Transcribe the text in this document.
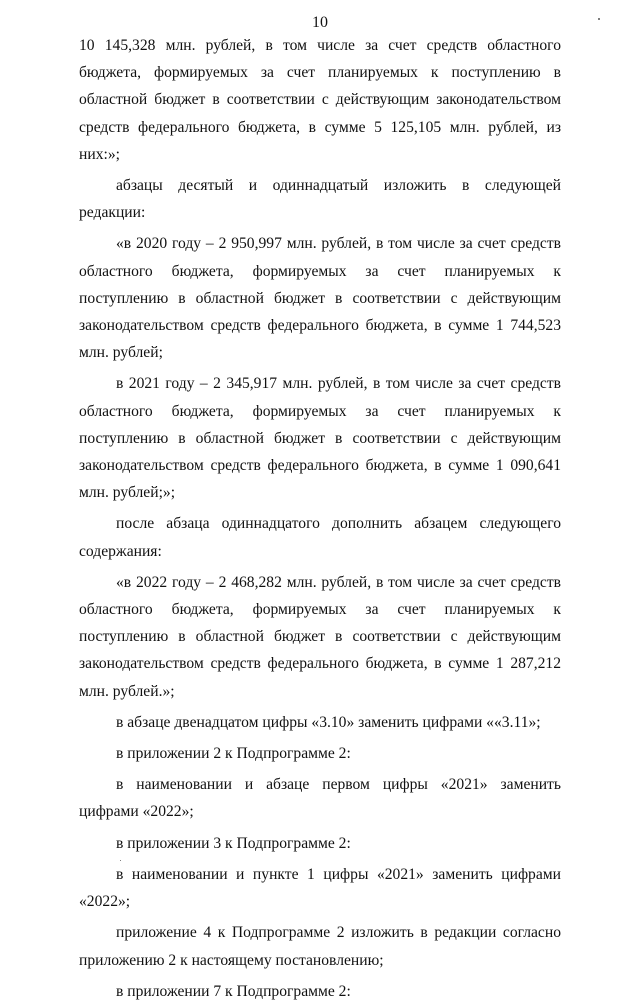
10

10 145,328 млн. рублей, в том числе за счет средств областного бюджета, формируемых за счет планируемых к поступлению в областной бюджет в соответствии с действующим законодательством средств федерального бюджета, в сумме 5 125,105 млн. рублей, из них:»;

абзацы десятый и одиннадцатый изложить в следующей редакции:

«в 2020 году – 2 950,997 млн. рублей, в том числе за счет средств областного бюджета, формируемых за счет планируемых к поступлению в областной бюджет в соответствии с действующим законодательством средств федерального бюджета, в сумме 1 744,523 млн. рублей;

в 2021 году – 2 345,917 млн. рублей, в том числе за счет средств областного бюджета, формируемых за счет планируемых к поступлению в областной бюджет в соответствии с действующим законодательством средств федерального бюджета, в сумме 1 090,641 млн. рублей;»;

после абзаца одиннадцатого дополнить абзацем следующего содержания:

«в 2022 году – 2 468,282 млн. рублей, в том числе за счет средств областного бюджета, формируемых за счет планируемых к поступлению в областной бюджет в соответствии с действующим законодательством средств федерального бюджета, в сумме 1 287,212 млн. рублей.»;

в абзаце двенадцатом цифры «3.10» заменить цифрами ««3.11»;

в приложении 2 к Подпрограмме 2:

в наименовании и абзаце первом цифры «2021» заменить цифрами «2022»;

в приложении 3 к Подпрограмме 2:

в наименовании и пункте 1 цифры «2021» заменить цифрами «2022»;

приложение 4 к Подпрограмме 2 изложить в редакции согласно приложению 2 к настоящему постановлению;

в приложении 7 к Подпрограмме 2:
